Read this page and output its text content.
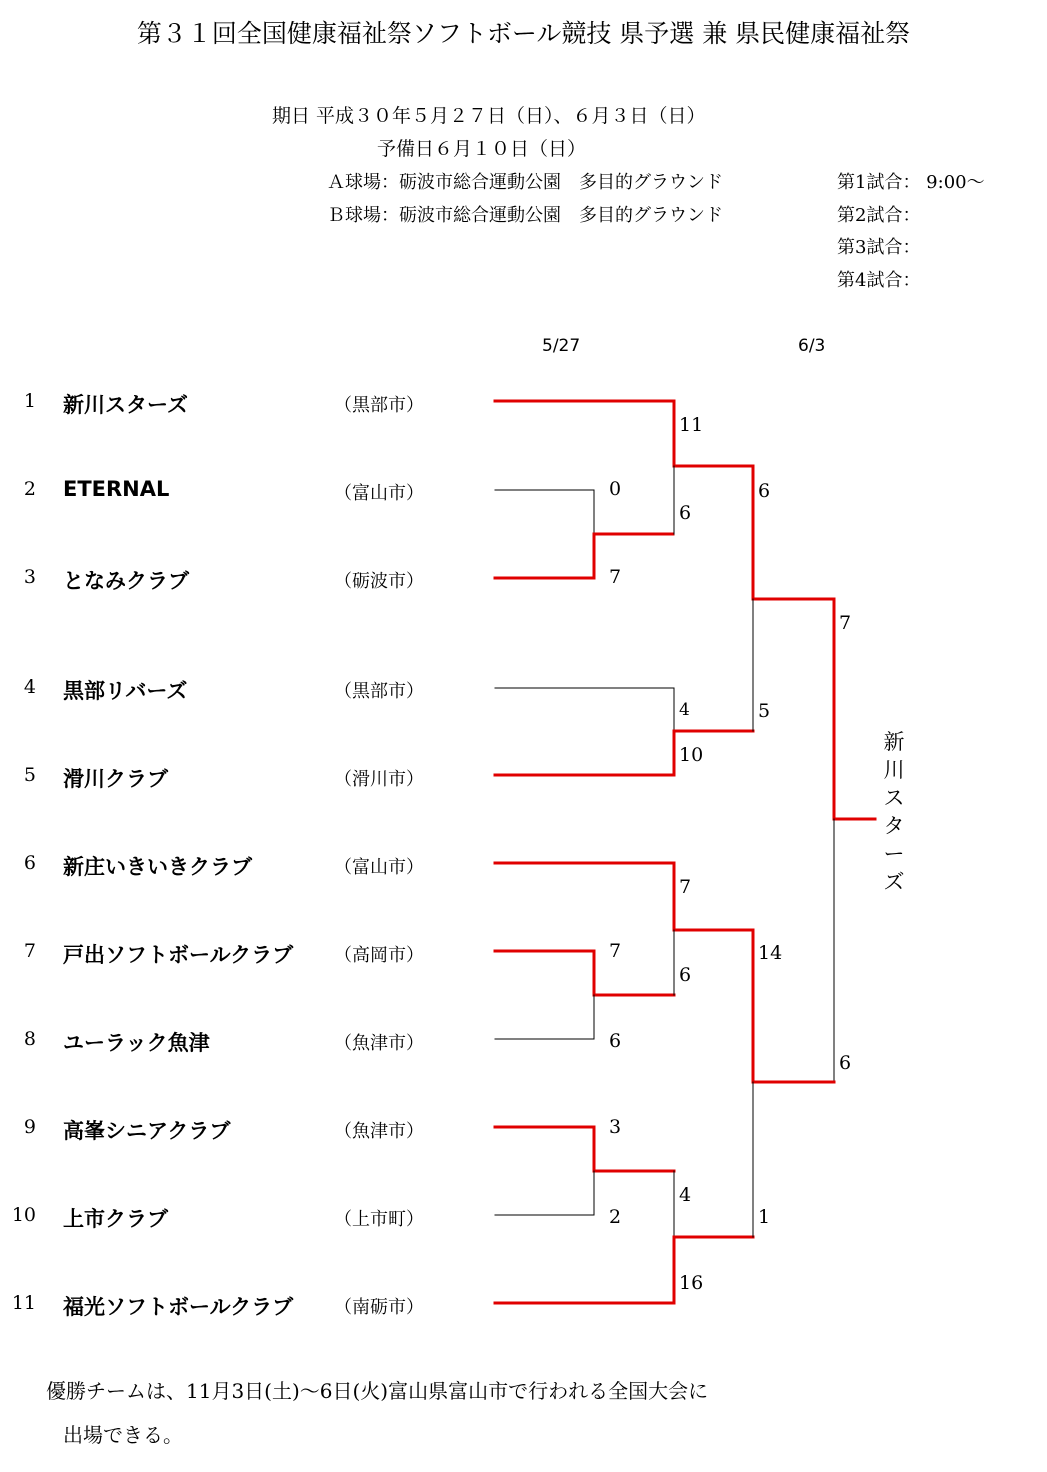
第３１回全国健康福祉祭ソフトボール競技 県予選 兼 県民健康福祉祭
期日 平成３０年５月２７日（日）、６月３日（日）
予備日６月１０日（日）
Ａ球場：砺波市総合運動公園　多目的グラウンド
Ｂ球場：砺波市総合運動公園　多目的グラウンド
第1試合： 9:00～
第2試合：
第3試合：
第4試合：
5/27	6/3
1 新川スターズ	（黒部市）
2 ETERNAL	（富山市）
3 となみクラブ	（砺波市）
4 黒部リバーズ	（黒部市）
5 滑川クラブ	（滑川市）
6 新庄いきいきクラブ	（富山市）
7 戸出ソフトボールクラブ （高岡市）
8 ユーラック魚津	（魚津市）
9 高峯シニアクラブ	（魚津市）
10 上市クラブ	（上市町）
11 福光ソフトボールクラブ （南砺市）
0
7
7
6
3
2
11
6
4
10
7
6
4
16
6
5
14
1
7
6
新
川
ス
タ
ー
ズ
優勝チームは、11月3日(土)～6日(火)富山県富山市で行われる全国大会に
出場できる。
